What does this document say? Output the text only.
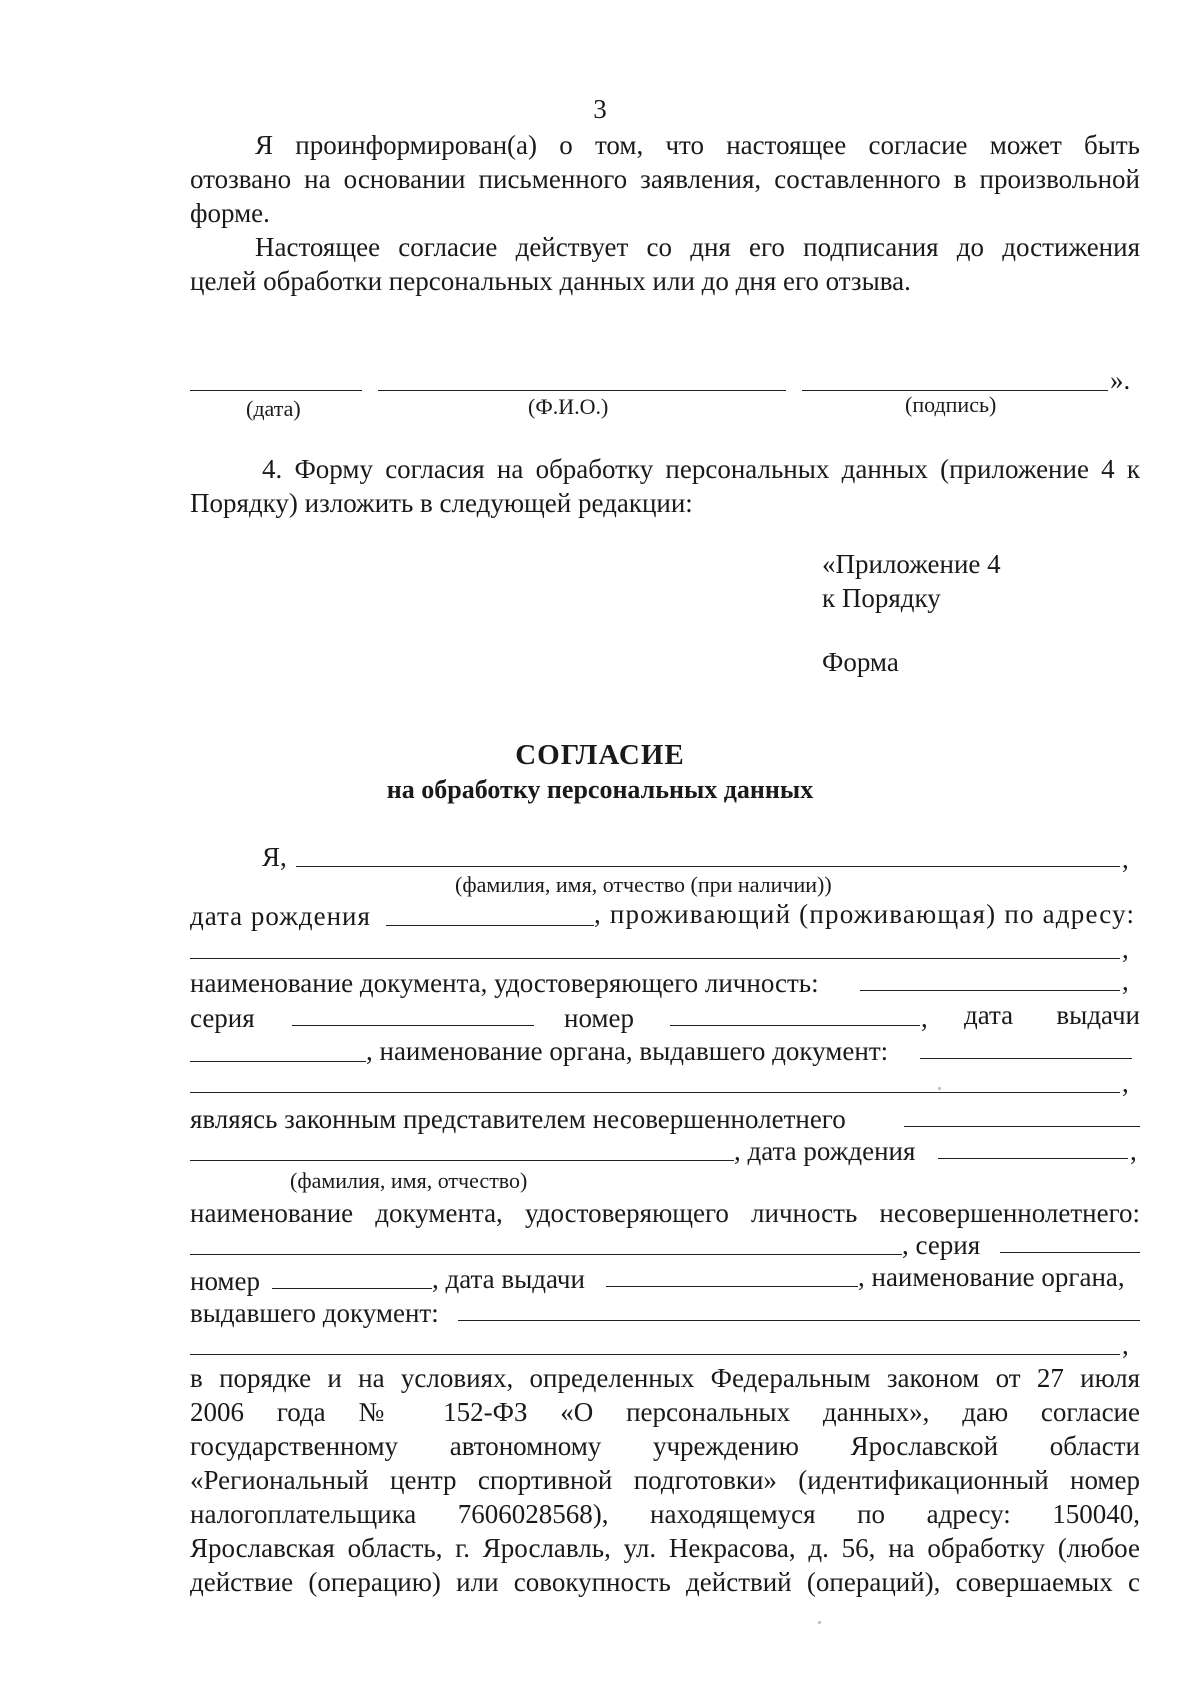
3
Я проинформирован(а) о том, что настоящее согласие может быть
отозвано на основании письменного заявления, составленного в произвольной
форме.
Настоящее согласие действует со дня его подписания до достижения
целей обработки персональных данных или до дня его отзыва.
».
(дата)	(Ф.И.О.)	(подпись)
4. Форму согласия на обработку персональных данных (приложение 4 к
Порядку) изложить в следующей редакции:
«Приложение 4
к Порядку
Форма
СОГЛАСИЕ
на обработку персональных данных
Я,	,
(фамилия, имя, отчество (при наличии))
дата рождения	, проживающий (проживающая) по адресу:
,
наименование документа, удостоверяющего личность:	,
серия	номер	, дата выдачи
, наименование органа, выдавшего документ:
,
являясь законным представителем несовершеннолетнего
, дата рождения	,
(фамилия, имя, отчество)
наименование документа, удостоверяющего личность несовершеннолетнего:
, серия
номер	, дата выдачи	, наименование органа,
выдавшего документ:
,
в порядке и на условиях, определенных Федеральным законом от 27 июля
2006 года № 152-ФЗ «О персональных данных», даю согласие
государственному автономному учреждению Ярославской области
«Региональный центр спортивной подготовки» (идентификационный номер
налогоплательщика 7606028568), находящемуся по адресу: 150040,
Ярославская область, г. Ярославль, ул. Некрасова, д. 56, на обработку (любое
действие (операцию) или совокупность действий (операций), совершаемых с
